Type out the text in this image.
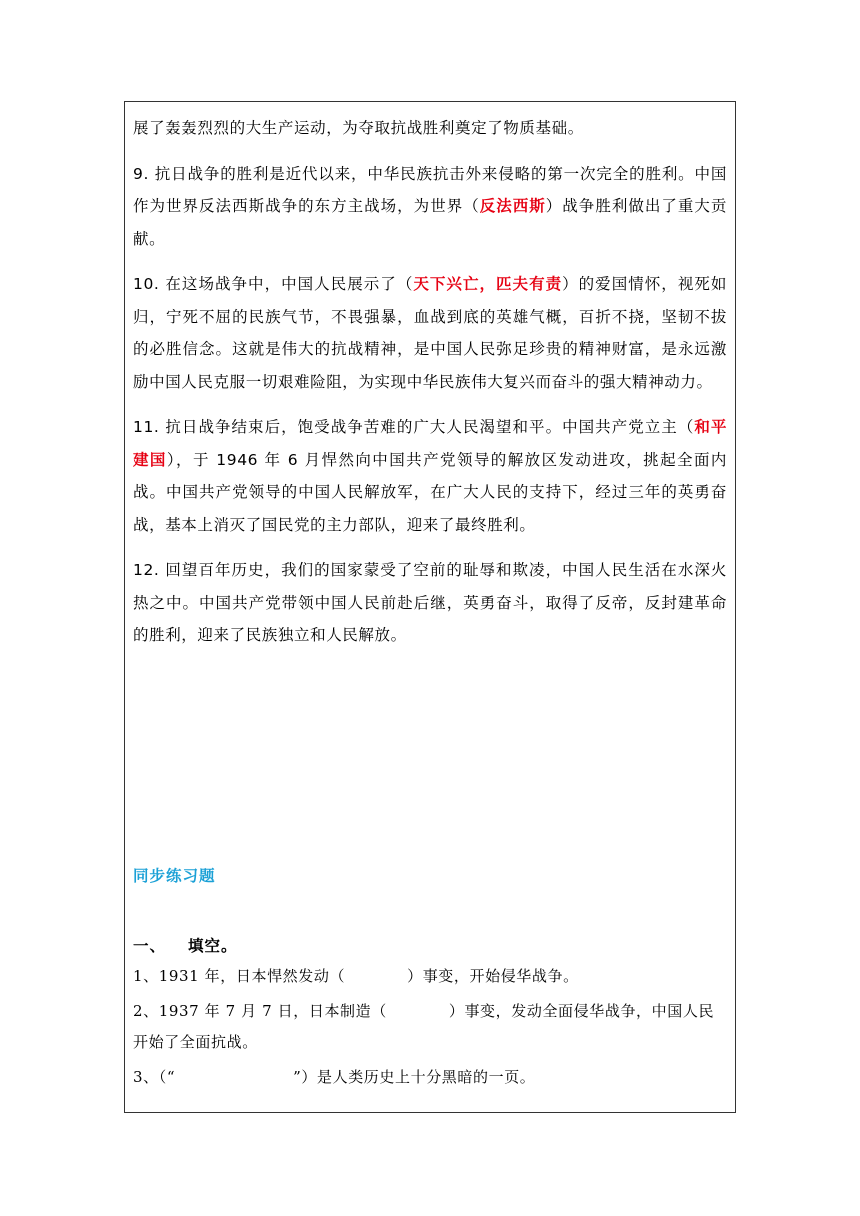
展了轰轰烈烈的大生产运动，为夺取抗战胜利奠定了物质基础。

9. 抗日战争的胜利是近代以来，中华民族抗击外来侵略的第一次完全的胜利。中国作为世界反法西斯战争的东方主战场，为世界（反法西斯）战争胜利做出了重大贡献。

10. 在这场战争中，中国人民展示了（天下兴亡，匹夫有责）的爱国情怀，视死如归，宁死不屈的民族气节，不畏强暴，血战到底的英雄气概，百折不挠，坚韧不拔的必胜信念。这就是伟大的抗战精神，是中国人民弥足珍贵的精神财富，是永远激励中国人民克服一切艰难险阻，为实现中华民族伟大复兴而奋斗的强大精神动力。

11. 抗日战争结束后，饱受战争苦难的广大人民渴望和平。中国共产党立主（和平建国），于 1946 年 6 月悍然向中国共产党领导的解放区发动进攻，挑起全面内战。中国共产党领导的中国人民解放军，在广大人民的支持下，经过三年的英勇奋战，基本上消灭了国民党的主力部队，迎来了最终胜利。

12. 回望百年历史，我们的国家蒙受了空前的耻辱和欺凌，中国人民生活在水深火热之中。中国共产党带领中国人民前赴后继，英勇奋斗，取得了反帝，反封建革命的胜利，迎来了民族独立和人民解放。

同步练习题
一、 填空。

1、1931 年，日本悍然发动（	）事变，开始侵华战争。

2、1937 年 7 月 7 日，日本制造（	）事变，发动全面侵华战争，中国人民开始了全面抗战。

3、（“	”）是人类历史上十分黑暗的一页。
